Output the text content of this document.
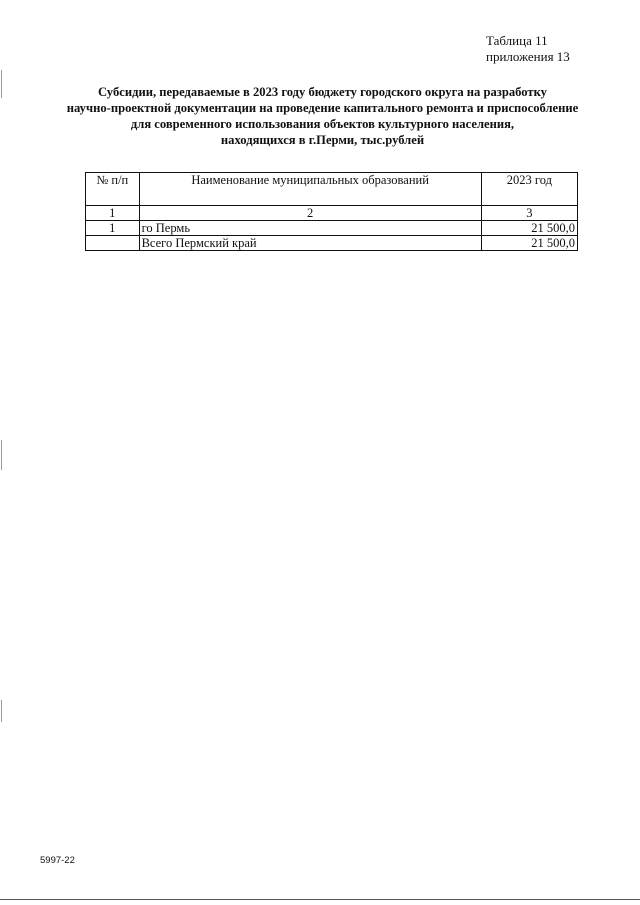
Таблица 11
приложения 13
Субсидии, передаваемые в 2023 году бюджету городского округа на разработку
научно-проектной документации на проведение капитального ремонта и приспособление
для современного использования объектов культурного населения,
находящихся в г.Перми, тыс.рублей
№ п/п	Наименование муниципальных образований	2023 год
1	2	3
1	го Пермь	21 500,0
	Всего Пермский край	21 500,0
5997-22
